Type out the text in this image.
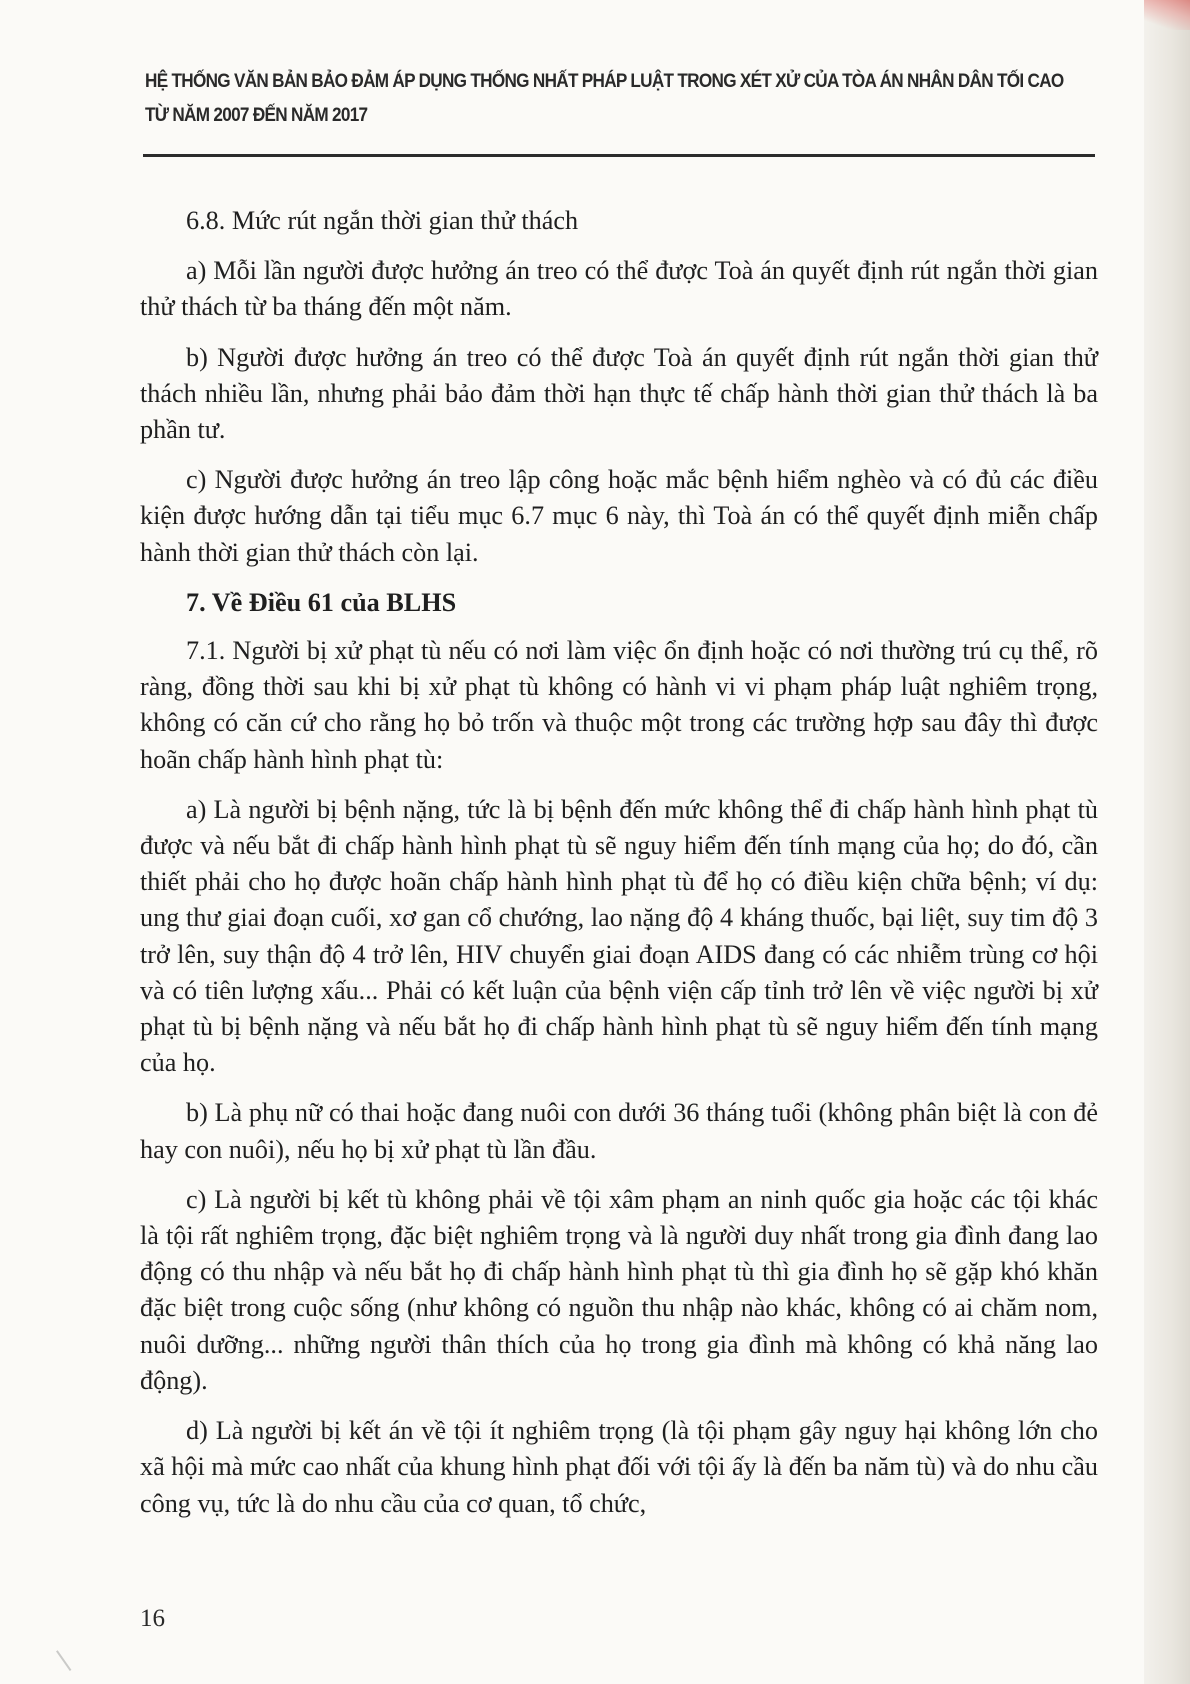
HỆ THỐNG VĂN BẢN BẢO ĐẢM ÁP DỤNG THỐNG NHẤT PHÁP LUẬT TRONG XÉT XỬ CỦA TÒA ÁN NHÂN DÂN TỐI CAO
TỪ NĂM 2007 ĐẾN NĂM 2017

6.8. Mức rút ngắn thời gian thử thách

a) Mỗi lần người được hưởng án treo có thể được Toà án quyết định rút ngắn thời gian thử thách từ ba tháng đến một năm.

b) Người được hưởng án treo có thể được Toà án quyết định rút ngắn thời gian thử thách nhiều lần, nhưng phải bảo đảm thời hạn thực tế chấp hành thời gian thử thách là ba phần tư.

c) Người được hưởng án treo lập công hoặc mắc bệnh hiểm nghèo và có đủ các điều kiện được hướng dẫn tại tiểu mục 6.7 mục 6 này, thì Toà án có thể quyết định miễn chấp hành thời gian thử thách còn lại.

7. Về Điều 61 của BLHS

7.1. Người bị xử phạt tù nếu có nơi làm việc ổn định hoặc có nơi thường trú cụ thể, rõ ràng, đồng thời sau khi bị xử phạt tù không có hành vi vi phạm pháp luật nghiêm trọng, không có căn cứ cho rằng họ bỏ trốn và thuộc một trong các trường hợp sau đây thì được hoãn chấp hành hình phạt tù:

a) Là người bị bệnh nặng, tức là bị bệnh đến mức không thể đi chấp hành hình phạt tù được và nếu bắt đi chấp hành hình phạt tù sẽ nguy hiểm đến tính mạng của họ; do đó, cần thiết phải cho họ được hoãn chấp hành hình phạt tù để họ có điều kiện chữa bệnh; ví dụ: ung thư giai đoạn cuối, xơ gan cổ chướng, lao nặng độ 4 kháng thuốc, bại liệt, suy tim độ 3 trở lên, suy thận độ 4 trở lên, HIV chuyển giai đoạn AIDS đang có các nhiễm trùng cơ hội và có tiên lượng xấu... Phải có kết luận của bệnh viện cấp tỉnh trở lên về việc người bị xử phạt tù bị bệnh nặng và nếu bắt họ đi chấp hành hình phạt tù sẽ nguy hiểm đến tính mạng của họ.

b) Là phụ nữ có thai hoặc đang nuôi con dưới 36 tháng tuổi (không phân biệt là con đẻ hay con nuôi), nếu họ bị xử phạt tù lần đầu.

c) Là người bị kết tù không phải về tội xâm phạm an ninh quốc gia hoặc các tội khác là tội rất nghiêm trọng, đặc biệt nghiêm trọng và là người duy nhất trong gia đình đang lao động có thu nhập và nếu bắt họ đi chấp hành hình phạt tù thì gia đình họ sẽ gặp khó khăn đặc biệt trong cuộc sống (như không có nguồn thu nhập nào khác, không có ai chăm nom, nuôi dưỡng... những người thân thích của họ trong gia đình mà không có khả năng lao động).

d) Là người bị kết án về tội ít nghiêm trọng (là tội phạm gây nguy hại không lớn cho xã hội mà mức cao nhất của khung hình phạt đối với tội ấy là đến ba năm tù) và do nhu cầu công vụ, tức là do nhu cầu của cơ quan, tổ chức,

16
